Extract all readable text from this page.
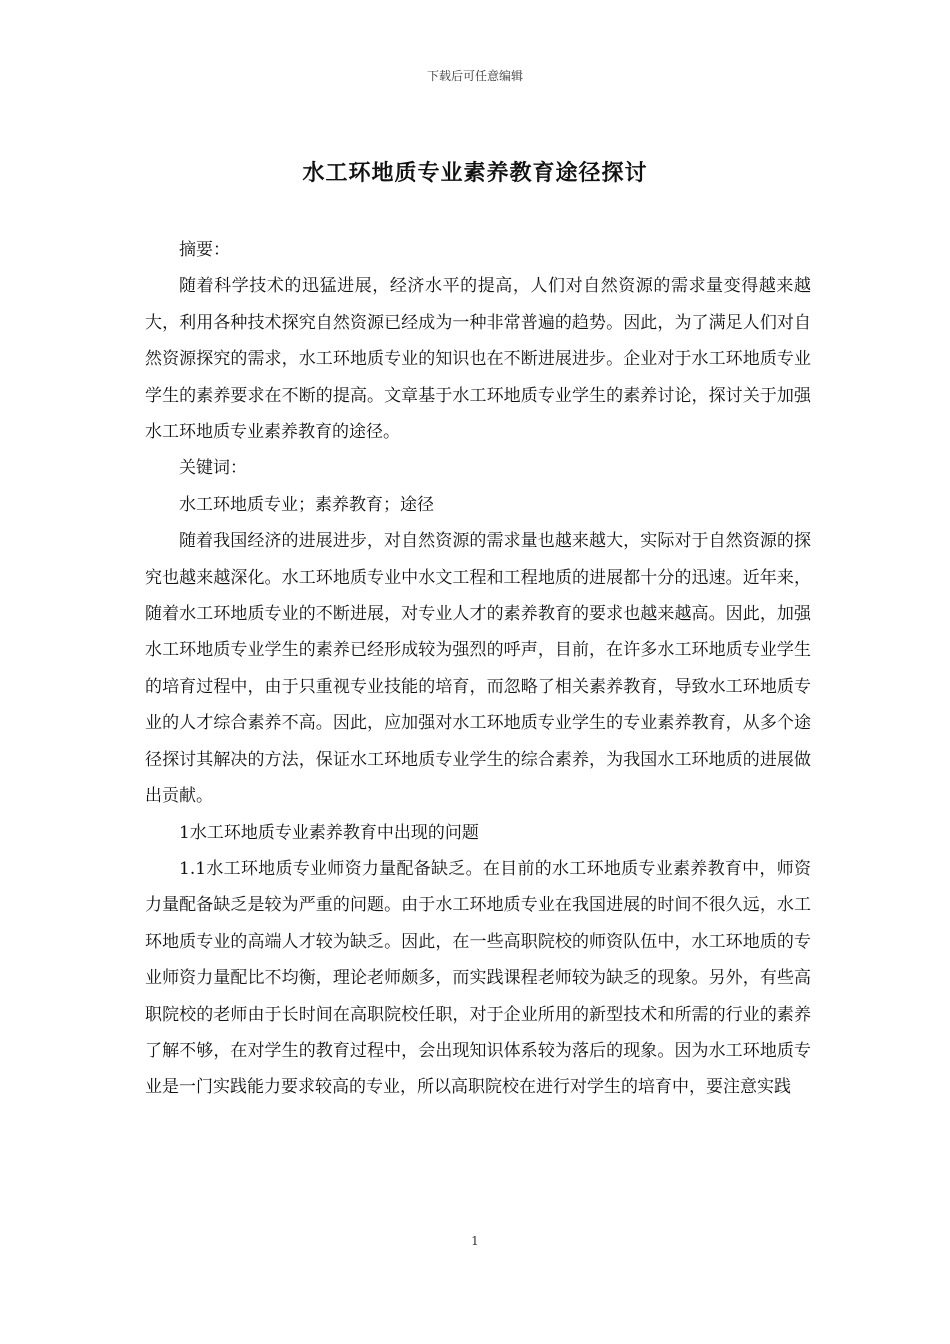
下载后可任意编辑
水工环地质专业素养教育途径探讨

摘要：

随着科学技术的迅猛进展，经济水平的提高，人们对自然资源的需求量变得越来越大，利用各种技术探究自然资源已经成为一种非常普遍的趋势。因此，为了满足人们对自然资源探究的需求，水工环地质专业的知识也在不断进展进步。企业对于水工环地质专业学生的素养要求在不断的提高。文章基于水工环地质专业学生的素养讨论，探讨关于加强水工环地质专业素养教育的途径。

关键词：

水工环地质专业；素养教育；途径

随着我国经济的进展进步，对自然资源的需求量也越来越大，实际对于自然资源的探究也越来越深化。水工环地质专业中水文工程和工程地质的进展都十分的迅速。近年来，随着水工环地质专业的不断进展，对专业人才的素养教育的要求也越来越高。因此，加强水工环地质专业学生的素养已经形成较为强烈的呼声，目前，在许多水工环地质专业学生的培育过程中，由于只重视专业技能的培育，而忽略了相关素养教育，导致水工环地质专业的人才综合素养不高。因此，应加强对水工环地质专业学生的专业素养教育，从多个途径探讨其解决的方法，保证水工环地质专业学生的综合素养，为我国水工环地质的进展做出贡献。

1水工环地质专业素养教育中出现的问题

1.1水工环地质专业师资力量配备缺乏。在目前的水工环地质专业素养教育中，师资力量配备缺乏是较为严重的问题。由于水工环地质专业在我国进展的时间不很久远，水工环地质专业的高端人才较为缺乏。因此，在一些高职院校的师资队伍中，水工环地质的专业师资力量配比不均衡，理论老师颇多，而实践课程老师较为缺乏的现象。另外，有些高职院校的老师由于长时间在高职院校任职，对于企业所用的新型技术和所需的行业的素养了解不够，在对学生的教育过程中，会出现知识体系较为落后的现象。因为水工环地质专业是一门实践能力要求较高的专业，所以高职院校在进行对学生的培育中，要注意实践

1
